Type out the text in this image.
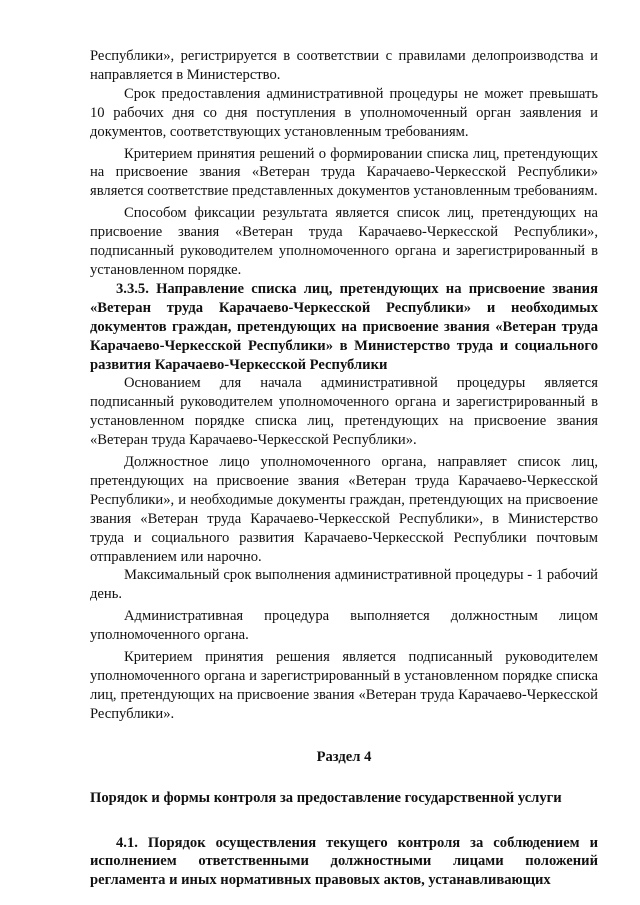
Республики», регистрируется в соответствии с правилами делопроизводства и направляется в Министерство.

Срок предоставления административной процедуры не может превышать 10 рабочих дня со дня поступления в уполномоченный орган заявления и документов, соответствующих установленным требованиям.

Критерием принятия решений о формировании списка лиц, претендующих на присвоение звания «Ветеран труда Карачаево-Черкесской Республики» является соответствие представленных документов установленным требованиям.

Способом фиксации результата является список лиц, претендующих на присвоение звания «Ветеран труда Карачаево-Черкесской Республики», подписанный руководителем уполномоченного органа и зарегистрированный в установленном порядке.

3.3.5. Направление списка лиц, претендующих на присвоение звания «Ветеран труда Карачаево-Черкесской Республики» и необходимых документов граждан, претендующих на присвоение звания «Ветеран труда Карачаево-Черкесской Республики» в Министерство труда и социального развития Карачаево-Черкесской Республики

Основанием для начала административной процедуры является подписанный руководителем уполномоченного органа и зарегистрированный в установленном порядке списка лиц, претендующих на присвоение звания «Ветеран труда Карачаево-Черкесской Республики».

Должностное лицо уполномоченного органа, направляет список лиц, претендующих на присвоение звания «Ветеран труда Карачаево-Черкесской Республики», и необходимые документы граждан, претендующих на присвоение звания «Ветеран труда Карачаево-Черкесской Республики», в Министерство труда и социального развития Карачаево-Черкесской Республики почтовым отправлением или нарочно.

Максимальный срок выполнения административной процедуры - 1 рабочий день.

Административная процедура выполняется должностным лицом уполномоченного органа.

Критерием принятия решения является подписанный руководителем уполномоченного органа и зарегистрированный в установленном порядке списка лиц, претендующих на присвоение звания «Ветеран труда Карачаево-Черкесской Республики».

Раздел 4

Порядок и формы контроля за предоставление государственной услуги

4.1. Порядок осуществления текущего контроля за соблюдением и исполнением ответственными должностными лицами положений регламента и иных нормативных правовых актов, устанавливающих
